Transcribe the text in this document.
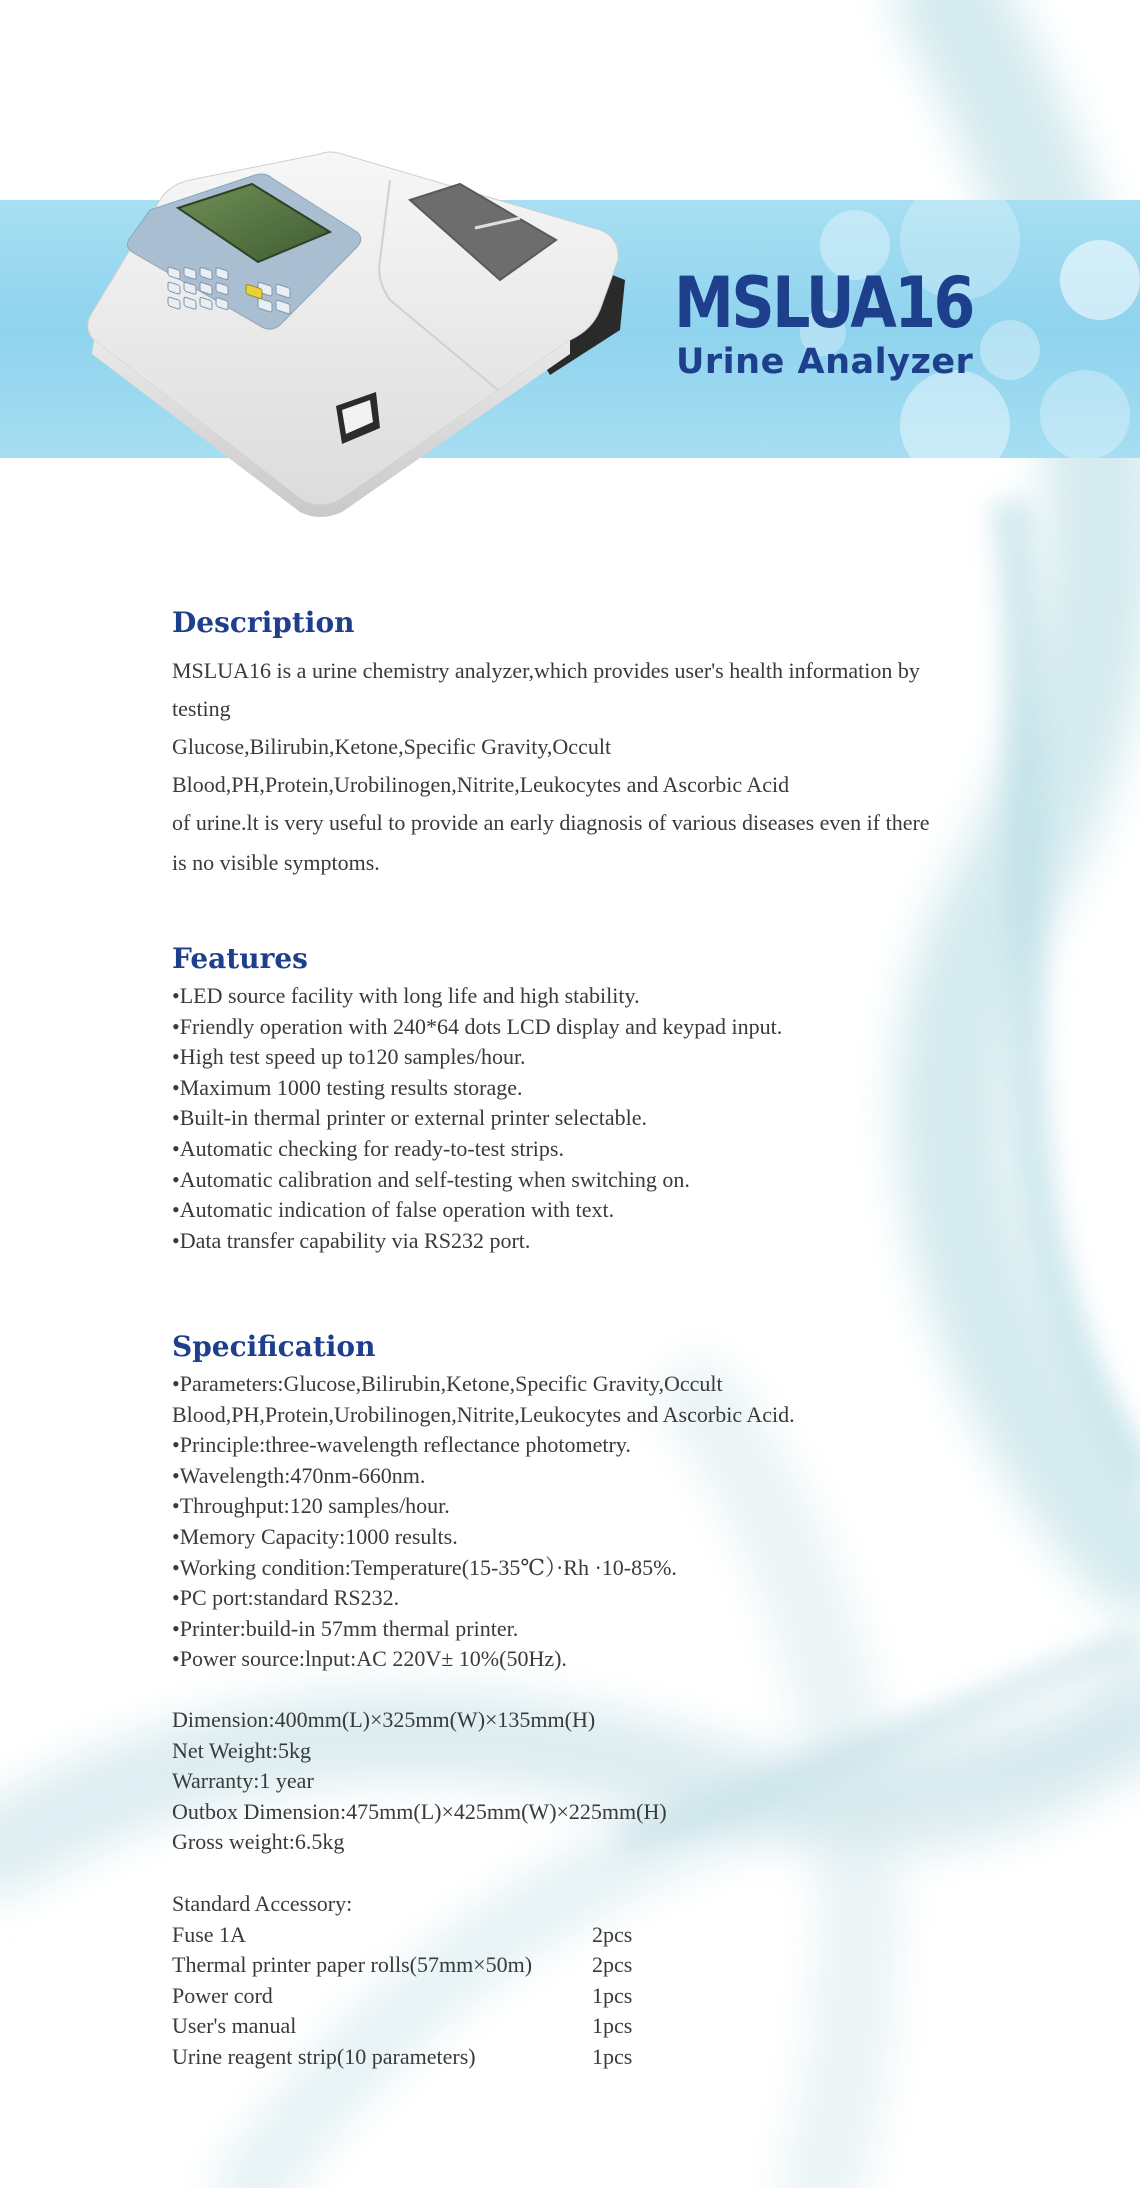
MSLUA16
Urine Analyzer
Description
MSLUA16 is a urine chemistry analyzer,which provides user's health information by
testing
Glucose,Bilirubin,Ketone,Specific Gravity,Occult
Blood,PH,Protein,Urobilinogen,Nitrite,Leukocytes and Ascorbic Acid
of urine.lt is very useful to provide an early diagnosis of various diseases even if there
is no visible symptoms.
Features
•LED source facility with long life and high stability.
•Friendly operation with 240*64 dots LCD display and keypad input.
•High test speed up to120 samples/hour.
•Maximum 1000 testing results storage.
•Built-in thermal printer or external printer selectable.
•Automatic checking for ready-to-test strips.
•Automatic calibration and self-testing when switching on.
•Automatic indication of false operation with text.
•Data transfer capability via RS232 port.
Specification
•Parameters:Glucose,Bilirubin,Ketone,Specific Gravity,Occult
Blood,PH,Protein,Urobilinogen,Nitrite,Leukocytes and Ascorbic Acid.
•Principle:three-wavelength reflectance photometry.
•Wavelength:470nm-660nm.
•Throughput:120 samples/hour.
•Memory Capacity:1000 results.
•Working condition:Temperature(15-35℃）·Rh ·10-85%.
•PC port:standard RS232.
•Printer:build-in 57mm thermal printer.
•Power source:lnput:AC 220V± 10%(50Hz).
Dimension:400mm(L)×325mm(W)×135mm(H)
Net Weight:5kg
Warranty:1 year
Outbox Dimension:475mm(L)×425mm(W)×225mm(H)
Gross weight:6.5kg
Standard Accessory:
Fuse 1A	2pcs
Thermal printer paper rolls(57mm×50m)	2pcs
Power cord	1pcs
User's manual	1pcs
Urine reagent strip(10 parameters)	1pcs
